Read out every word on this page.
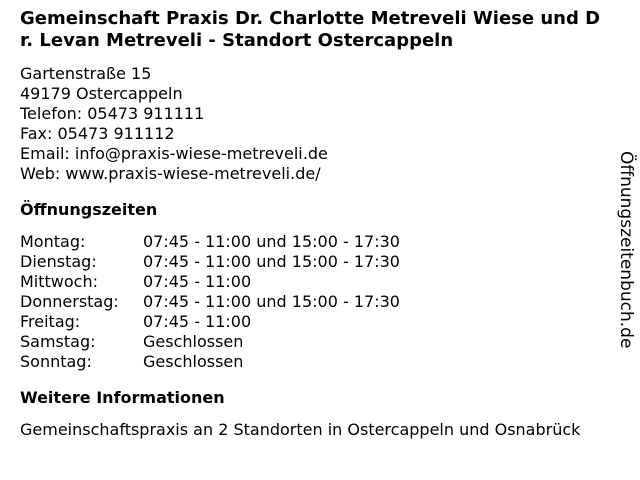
Gemeinschaft Praxis Dr. Charlotte Metreveli Wiese und Dr. Levan Metreveli - Standort Ostercappeln
Gartenstraße 15
49179 Ostercappeln
Telefon: 05473 911111
Fax: 05473 911112
Email: info@praxis-wiese-metreveli.de
Web: www.praxis-wiese-metreveli.de/
Öffnungszeiten
Montag:	07:45 - 11:00 und 15:00 - 17:30
Dienstag:	07:45 - 11:00 und 15:00 - 17:30
Mittwoch:	07:45 - 11:00
Donnerstag:	07:45 - 11:00 und 15:00 - 17:30
Freitag:	07:45 - 11:00
Samstag:	Geschlossen
Sonntag:	Geschlossen
Weitere Informationen
Gemeinschaftspraxis an 2 Standorten in Ostercappeln und Osnabrück
Öffnungszeitenbuch.de
